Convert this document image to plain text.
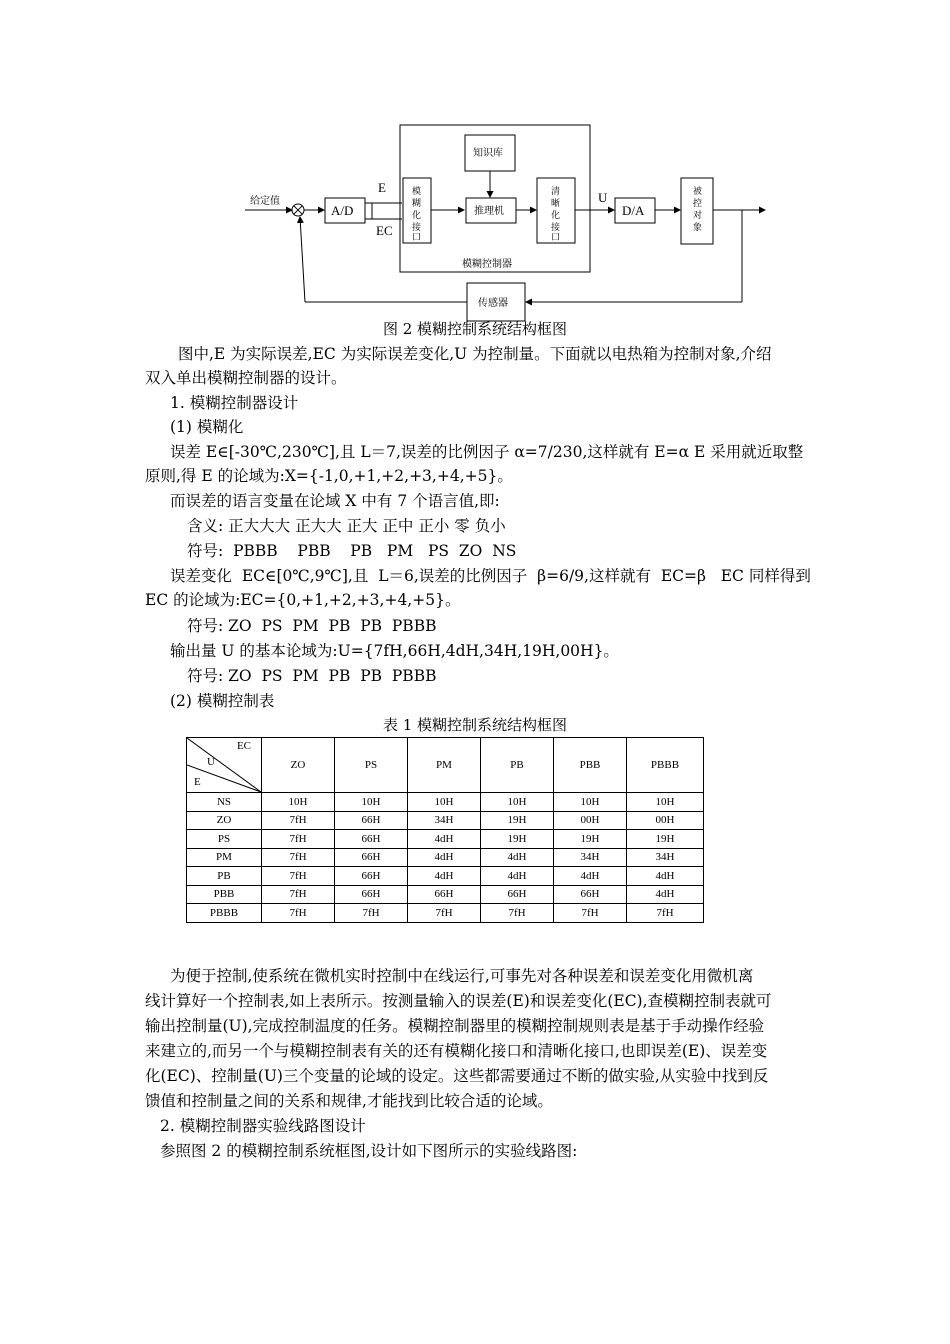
给定值
A/D
E
EC
模糊 化接口
知识库
推理机
清晰 化接口
U
D/A
被控 对象
模糊控制器
传感器
图 2 模糊控制系统结构框图
图中,E 为实际误差,EC 为实际误差变化,U 为控制量。下面就以电热箱为控制对象,介绍
双入单出模糊控制器的设计。
1. 模糊控制器设计
(1) 模糊化
误差 E∈[-30℃,230℃],且 L＝7,误差的比例因子 α=7/230,这样就有 E=α E 采用就近取整
原则,得 E 的论域为:X={-1,0,+1,+2,+3,+4,+5}。
而误差的语言变量在论域 X 中有 7 个语言值,即:
含义: 正大大大 正大大 正大 正中 正小 零 负小
符号:  PBBB    PBB    PB   PM   PS  ZO  NS
误差变化  EC∈[0℃,9℃],且  L＝6,误差的比例因子  β=6/9,这样就有  EC=β   EC 同样得到
EC 的论域为:EC={0,+1,+2,+3,+4,+5}。
符号: ZO  PS  PM  PB  PB  PBBB
输出量 U 的基本论域为:U={7fH,66H,4dH,34H,19H,00H}。
符号: ZO  PS  PM  PB  PB  PBBB
(2) 模糊控制表
表 1 模糊控制系统结构框图
EC
U
E	ZO	PS	PM	PB	PBB	PBBB
NS	10H	10H	10H	10H	10H	10H
ZO	7fH	66H	34H	19H	00H	00H
PS	7fH	66H	4dH	19H	19H	19H
PM	7fH	66H	4dH	4dH	34H	34H
PB	7fH	66H	4dH	4dH	4dH	4dH
PBB	7fH	66H	66H	66H	66H	4dH
PBBB	7fH	7fH	7fH	7fH	7fH	7fH
为便于控制,使系统在微机实时控制中在线运行,可事先对各种误差和误差变化用微机离
线计算好一个控制表,如上表所示。按测量输入的误差(E)和误差变化(EC),查模糊控制表就可
输出控制量(U),完成控制温度的任务。模糊控制器里的模糊控制规则表是基于手动操作经验
来建立的,而另一个与模糊控制表有关的还有模糊化接口和清晰化接口,也即误差(E)、误差变
化(EC)、控制量(U)三个变量的论域的设定。这些都需要通过不断的做实验,从实验中找到反
馈值和控制量之间的关系和规律,才能找到比较合适的论域。
2. 模糊控制器实验线路图设计
参照图 2 的模糊控制系统框图,设计如下图所示的实验线路图:
